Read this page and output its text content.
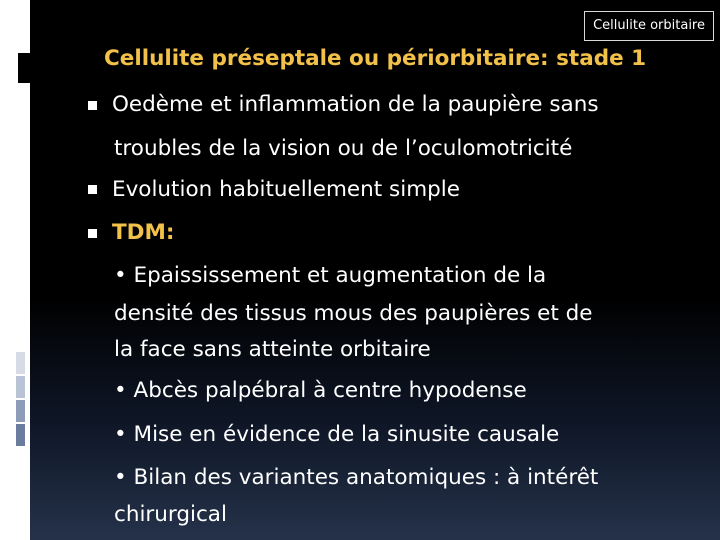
Cellulite orbitaire
Cellulite préseptale ou périorbitaire: stade 1
Oedème et inflammation de la paupière sans
troubles de la vision ou de l’oculomotricité
Evolution habituellement simple
TDM:
• Epaississement et augmentation de la
densité des tissus mous des paupières et de
la face sans atteinte orbitaire
• Abcès palpébral à centre hypodense
• Mise en évidence de la sinusite causale
• Bilan des variantes anatomiques : à intérêt
chirurgical
